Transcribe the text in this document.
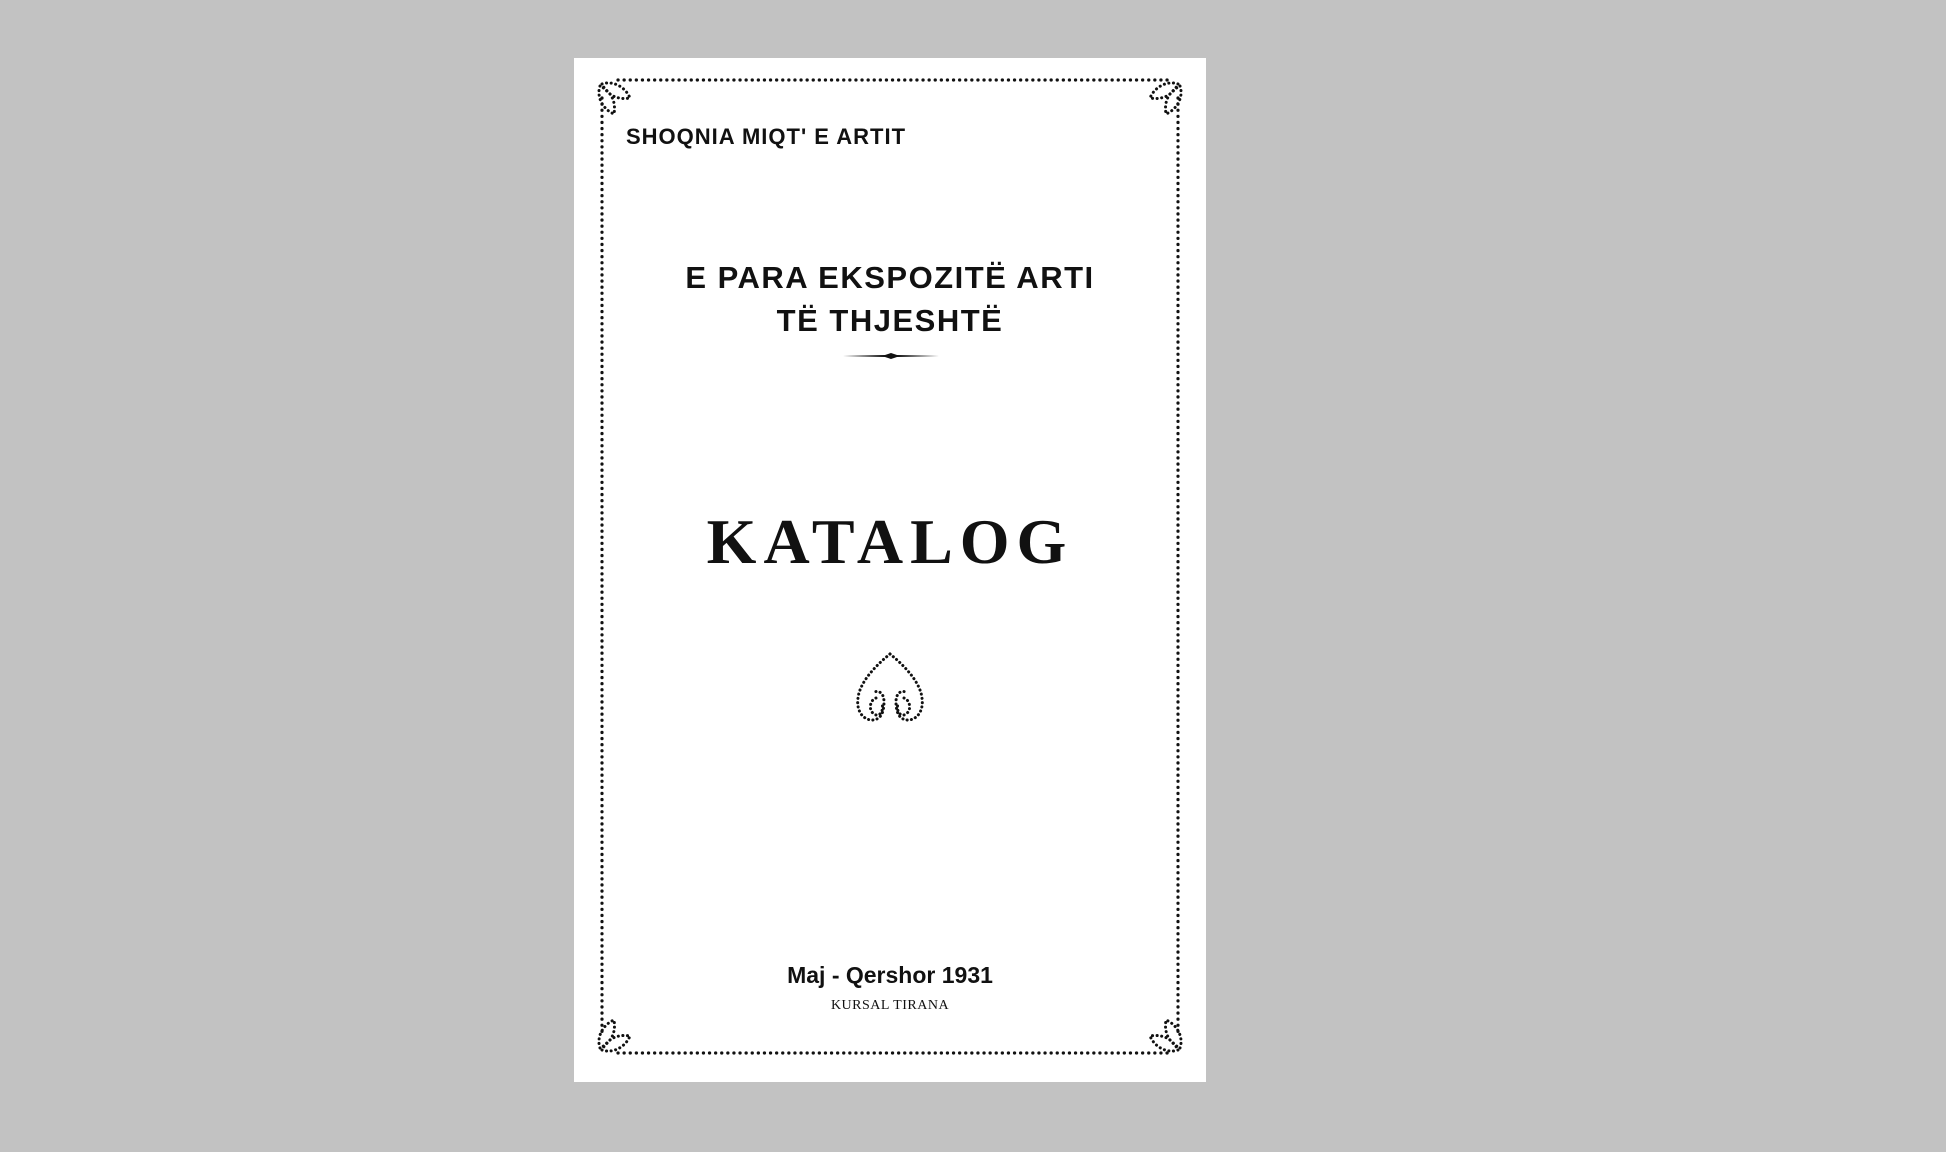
SHOQNIA MIQT' E ARTIT
E PARA EKSPOZITË ARTI
TË THJESHTË
KATALOG
Maj - Qershor 1931
KURSAL TIRANA
